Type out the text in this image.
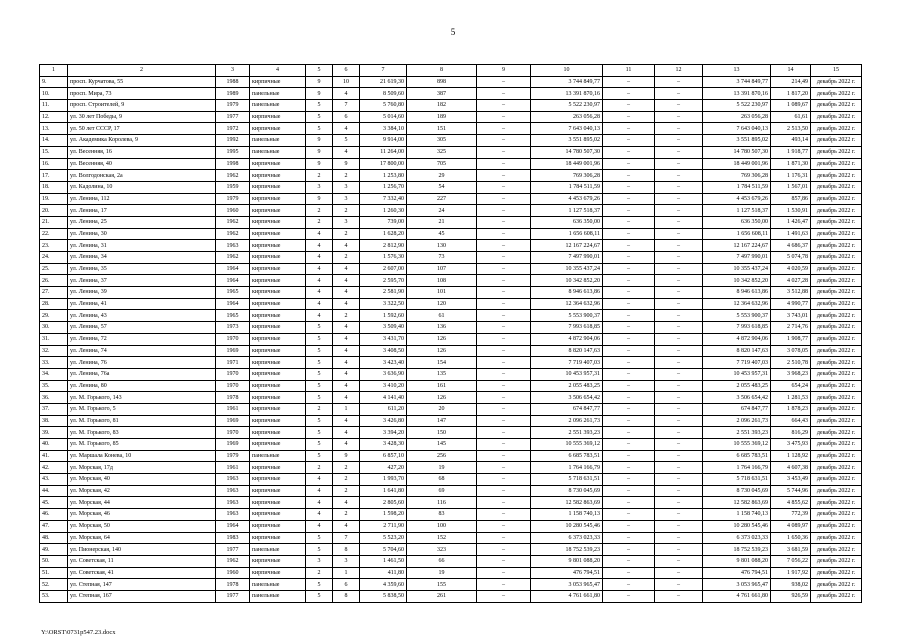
5
1	2	3	4	5	6	7	8	9	10	11	12	13	14	15
9.	просп. Курчатова, 55	1988	кирпичные	9	10	21 619,30	898	–	3 744 849,77	–	–	3 744 849,77	214,49	декабрь 2022 г.
10.	просп. Мира, 73	1989	панельные	9	4	8 509,60	387	–	13 391 870,16	–	–	13 391 870,16	1 817,20	декабрь 2022 г.
11.	просп. Строителей, 9	1979	панельные	5	7	5 760,80	182	–	5 522 230,97	–	–	5 522 230,97	1 089,67	декабрь 2022 г.
12.	ул. 30 лет Победы, 9	1977	кирпичные	5	6	5 014,60	189	–	263 056,28	–	–	263 056,28	61,61	декабрь 2022 г.
13.	ул. 50 лет СССР, 17	1972	кирпичные	5	4	3 384,10	151	–	7 643 040,13	–	–	7 643 040,13	2 513,50	декабрь 2022 г.
14.	ул. Академика Королева, 9	1992	панельные	9	5	9 914,00	305	–	3 551 895,02	–	–	3 551 895,02	493,14	декабрь 2022 г.
15.	ул. Весенняя, 16	1995	панельные	9	4	11 264,00	325	–	14 780 507,30	–	–	14 780 507,30	1 918,77	декабрь 2022 г.
16.	ул. Весенняя, 40	1998	кирпичные	9	9	17 800,00	705	–	18 449 001,96	–	–	18 449 001,96	1 871,30	декабрь 2022 г.
17.	ул. Волгодонская, 2а	1962	кирпичные	2	2	1 253,80	29	–	769 306,28	–	–	769 306,28	1 176,31	декабрь 2022 г.
18.	ул. Кадолина, 10	1959	кирпичные	3	3	1 256,70	54	–	1 784 511,59	–	–	1 784 511,59	1 567,01	декабрь 2022 г.
19.	ул. Ленина, 112	1979	кирпичные	9	3	7 332,40	227	–	4 453 679,26	–	–	4 453 679,26	857,86	декабрь 2022 г.
20.	ул. Ленина, 17	1960	кирпичные	2	2	1 260,30	24	–	1 127 518,37	–	–	1 127 518,37	1 530,91	декабрь 2022 г.
21.	ул. Ленина, 25	1962	кирпичные	2	3	739,00	21	–	636 350,00	–	–	636 350,00	1 426,47	декабрь 2022 г.
22.	ул. Ленина, 30	1962	кирпичные	4	2	1 628,20	45	–	1 656 608,11	–	–	1 656 608,11	1 491,63	декабрь 2022 г.
23.	ул. Ленина, 31	1963	кирпичные	4	4	2 812,90	130	–	12 167 224,67	–	–	12 167 224,67	4 686,37	декабрь 2022 г.
24.	ул. Ленина, 34	1962	кирпичные	4	2	1 576,30	73	–	7 497 990,01	–	–	7 497 990,01	5 074,78	декабрь 2022 г.
25.	ул. Ленина, 35	1964	кирпичные	4	4	2 607,00	107	–	10 355 437,24	–	–	10 355 437,24	4 020,59	декабрь 2022 г.
26.	ул. Ленина, 37	1964	кирпичные	4	4	2 595,70	108	–	10 342 852,20	–	–	10 342 852,20	4 027,28	декабрь 2022 г.
27.	ул. Ленина, 39	1965	кирпичные	4	4	2 581,90	101	–	8 946 613,86	–	–	8 946 613,86	3 512,88	декабрь 2022 г.
28.	ул. Ленина, 41	1964	кирпичные	4	4	3 322,50	120	–	12 364 632,96	–	–	12 364 632,96	4 990,77	декабрь 2022 г.
29.	ул. Ленина, 43	1965	кирпичные	4	2	1 592,60	61	–	5 553 900,37	–	–	5 553 900,37	3 743,01	декабрь 2022 г.
30.	ул. Ленина, 57	1973	кирпичные	5	4	3 509,40	136	–	7 993 618,85	–	–	7 993 618,85	2 714,76	декабрь 2022 г.
31.	ул. Ленина, 72	1970	кирпичные	5	4	3 431,70	126	–	4 872 904,06	–	–	4 872 904,06	1 908,77	декабрь 2022 г.
32.	ул. Ленина, 74	1969	кирпичные	5	4	3 408,50	126	–	8 820 147,63	–	–	8 820 147,63	3 078,05	декабрь 2022 г.
33.	ул. Ленина, 76	1971	кирпичные	5	4	3 423,40	154	–	7 719 407,03	–	–	7 719 407,03	2 510,78	декабрь 2022 г.
34.	ул. Ленина, 76а	1970	кирпичные	5	4	3 636,90	135	–	10 453 957,31	–	–	10 453 957,31	3 968,23	декабрь 2022 г.
35.	ул. Ленина, 80	1970	кирпичные	5	4	3 410,20	161	–	2 055 483,25	–	–	2 055 483,25	654,24	декабрь 2022 г.
36.	ул. М. Горького, 143	1978	кирпичные	5	4	4 141,40	126	–	3 506 654,42	–	–	3 506 654,42	1 281,53	декабрь 2022 г.
37.	ул. М. Горького, 5	1961	кирпичные	2	1	611,20	20	–	674 847,77	–	–	674 847,77	1 878,23	декабрь 2022 г.
38.	ул. М. Горького, 81	1969	кирпичные	5	4	3 426,80	147	–	2 096 261,73	–	–	2 096 261,73	664,43	декабрь 2022 г.
39.	ул. М. Горького, 83	1970	кирпичные	5	4	3 394,20	150	–	2 551 393,23	–	–	2 551 393,23	816,29	декабрь 2022 г.
40.	ул. М. Горького, 85	1969	кирпичные	5	4	3 428,30	145	–	10 555 369,12	–	–	10 555 369,12	3 475,93	декабрь 2022 г.
41.	ул. Маршала Конева, 10	1979	панельные	5	9	6 857,10	256	–	6 685 783,51	–	–	6 685 783,51	1 128,92	декабрь 2022 г.
42.	ул. Морская, 17д	1961	кирпичные	2	2	427,20	19	–	1 764 166,79	–	–	1 764 166,79	4 607,38	декабрь 2022 г.
43.	ул. Морская, 40	1963	кирпичные	4	2	1 993,70	68	–	5 718 631,51	–	–	5 718 631,51	3 453,49	декабрь 2022 г.
44.	ул. Морская, 42	1963	кирпичные	4	2	1 641,80	69	–	8 730 045,69	–	–	8 730 045,69	5 744,96	декабрь 2022 г.
45.	ул. Морская, 44	1963	кирпичные	4	4	2 805,60	116	–	12 582 863,69	–	–	12 582 863,69	4 855,62	декабрь 2022 г.
46.	ул. Морская, 46	1963	кирпичные	4	2	1 598,20	83	–	1 158 740,13	–	–	1 158 740,13	772,39	декабрь 2022 г.
47.	ул. Морская, 50	1964	кирпичные	4	4	2 711,90	100	–	10 280 545,46	–	–	10 280 545,46	4 089,97	декабрь 2022 г.
48.	ул. Морская, 64	1983	кирпичные	5	7	5 523,20	152	–	6 373 023,33	–	–	6 373 023,33	1 650,36	декабрь 2022 г.
49.	ул. Пионерская, 140	1977	панельные	5	8	5 704,60	323	–	18 752 539,23	–	–	18 752 539,23	3 681,59	декабрь 2022 г.
50.	ул. Советская, 11	1962	кирпичные	3	3	1 461,50	66	–	9 801 088,20	–	–	9 801 088,20	7 056,22	декабрь 2022 г.
51.	ул. Советская, 41	1960	кирпичные	2	1	411,80	19	–	476 794,51	–	–	476 794,51	1 917,92	декабрь 2022 г.
52.	ул. Степная, 147	1978	панельные	5	6	4 359,60	155	–	3 053 965,47	–	–	3 053 965,47	938,02	декабрь 2022 г.
53.	ул. Степная, 167	1977	панельные	5	8	5 838,50	261	–	4 761 661,80	–	–	4 761 661,80	926,59	декабрь 2022 г.
Y:\ORST\0731p547.23.docx
